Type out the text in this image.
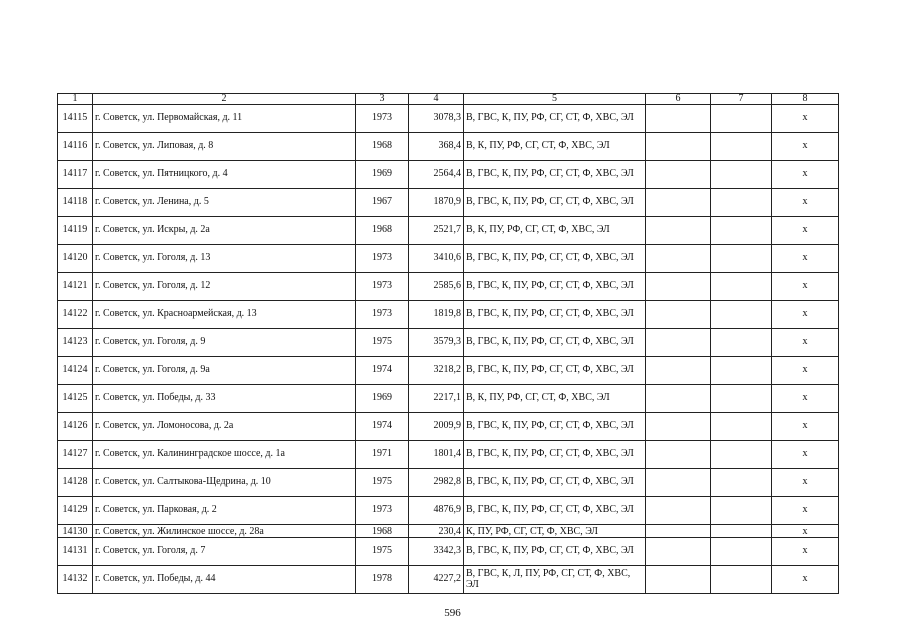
1	2	3	4	5	6	7	8
14115	г. Советск, ул. Первомайская, д. 11	1973	3078,3	В, ГВС, К, ПУ, РФ, СГ, СТ, Ф, ХВС, ЭЛ			х
14116	г. Советск, ул. Липовая, д. 8	1968	368,4	В, К, ПУ, РФ, СГ, СТ, Ф, ХВС, ЭЛ			х
14117	г. Советск, ул. Пятницкого, д. 4	1969	2564,4	В, ГВС, К, ПУ, РФ, СГ, СТ, Ф, ХВС, ЭЛ			х
14118	г. Советск, ул. Ленина, д. 5	1967	1870,9	В, ГВС, К, ПУ, РФ, СГ, СТ, Ф, ХВС, ЭЛ			х
14119	г. Советск, ул. Искры, д. 2а	1968	2521,7	В, К, ПУ, РФ, СГ, СТ, Ф, ХВС, ЭЛ			х
14120	г. Советск, ул. Гоголя, д. 13	1973	3410,6	В, ГВС, К, ПУ, РФ, СГ, СТ, Ф, ХВС, ЭЛ			х
14121	г. Советск, ул. Гоголя, д. 12	1973	2585,6	В, ГВС, К, ПУ, РФ, СГ, СТ, Ф, ХВС, ЭЛ			х
14122	г. Советск, ул. Красноармейская, д. 13	1973	1819,8	В, ГВС, К, ПУ, РФ, СГ, СТ, Ф, ХВС, ЭЛ			х
14123	г. Советск, ул. Гоголя, д. 9	1975	3579,3	В, ГВС, К, ПУ, РФ, СГ, СТ, Ф, ХВС, ЭЛ			х
14124	г. Советск, ул. Гоголя, д. 9а	1974	3218,2	В, ГВС, К, ПУ, РФ, СГ, СТ, Ф, ХВС, ЭЛ			х
14125	г. Советск, ул. Победы, д. 33	1969	2217,1	В, К, ПУ, РФ, СГ, СТ, Ф, ХВС, ЭЛ			х
14126	г. Советск, ул. Ломоносова, д. 2а	1974	2009,9	В, ГВС, К, ПУ, РФ, СГ, СТ, Ф, ХВС, ЭЛ			х
14127	г. Советск, ул. Калининградское шоссе, д. 1а	1971	1801,4	В, ГВС, К, ПУ, РФ, СГ, СТ, Ф, ХВС, ЭЛ			х
14128	г. Советск, ул. Салтыкова-Щедрина, д. 10	1975	2982,8	В, ГВС, К, ПУ, РФ, СГ, СТ, Ф, ХВС, ЭЛ			х
14129	г. Советск, ул. Парковая, д. 2	1973	4876,9	В, ГВС, К, ПУ, РФ, СГ, СТ, Ф, ХВС, ЭЛ			х
14130	г. Советск, ул. Жилинское шоссе, д. 28а	1968	230,4	К, ПУ, РФ, СГ, СТ, Ф, ХВС, ЭЛ			х
14131	г. Советск, ул. Гоголя, д. 7	1975	3342,3	В, ГВС, К, ПУ, РФ, СГ, СТ, Ф, ХВС, ЭЛ			х
14132	г. Советск, ул. Победы, д. 44	1978	4227,2	В, ГВС, К, Л, ПУ, РФ, СГ, СТ, Ф, ХВС, ЭЛ			х
596
